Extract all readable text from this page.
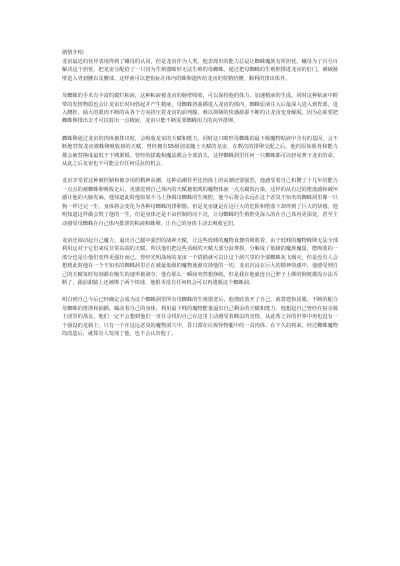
剧情介绍:

龙宙最近的伎异表现得到了蛾母的认同，但是龙宙作为人类，他表现出的能力总是让蜘蛛魔族有所担忧。蛾母为了百分百解决这个担忧，把龙宙分配给了一只因为生殖器畸形无法生殖的母蜘蛛。通过把母蜘蛛的生殖腔摄进龙宙的肛门，刺破肠壁进入胃到腰以及腰部。这样就可以把指标在体内的蛛卵遗传给龙宙的射精结腰，顺利的排出体外。

母蜘蛛的手术有丰富的腐烂粘液，这种粘液被龙宙的肠壁吸收，可以保持他的体力，加速精液的生成。同时这种粘液中附带的发情物质也会让龙宙长时间勃起并产生精液，母蜘蛛扭曲插进入龙宙的体内，蜘蛛原液注入后最深入进入到胃部，进入腰腔，硕大的肌肉不断的从各个方向挤压着龙宙的前列腺，难以抑制的快感源源不断的让龙宙变身解脱，因为必须要把蜘蛛卵排出去才可以射出一点精液，龙宙只能不断需要蜘蛛用力的向外排卵。

蜘蛛卵通过龙宙的肉体被排出时，会吸收龙宙的天赋和能力，同时这只畸形母蜘蛛的最下级魔物粘液中含有的基因，会不断地替按龙宙被蛛卵吸收掉的天赋，曾经拥有S5级别龙魄士天赋的龙宙，在数次的排卵交配之后，他的原始肌骨和能力都会被替换成最低于下贱栗根。曾经的拔毅和魔法都会全部消失，这样蜘蛛洞里任何一只蜘蛛都可以轻易赛下龙宙的命，从此之后龙宙也不可能会有任何反抗的机会。

龙宙享受着这种被控制和被享用的精神高潮，这种高潮甚至比肉体上的高潮还要强烈，他感受着自己积攒了十几年的能力一点点的被蜘蛛卵吸收走后，更感觉到自己体内的天赋被低贱的魔物体液一点点腐蚀污染，这样的从有过的堕落感和破坏感让他的大脑发麻。他知道此时他如果不马上挣脱母蜘蛛的生殖腔，他今后将会永远在这个恶臭不知名的蜘蛛洞里像一只狗一样过完一生，身体将会变化为各种母蜘蛛的排卵器。但是龙宙就是在这巨大的危险和堕落下却得到了巨大的快感，他明知道这样做会毁了他的一生，但是身体还是不由控制的向下沉，让母蜘蛛的生殖腔更深入的在自己体内更深处，甚至主动感受母蜘蛛在自己体内排泄的粘液和蛛卵，让自己的身体主动去吸收它们。

龙宙还调动起自己魔力，逼出自己腿中强烈的战神天赋，让这些低贱的魔物食婪的吸收着，由于低贱的魔物蛛卵无法全部利用这对于它们来说非常高端的天赋，所以他们把这些顶级的天赋大部分浪费掉，分解成了低级的魔族魔量，能吸收的一部分也是让他们变得更强壮而已。曾经光明战场的龙宙一个措描就可以让这个洞穴里的全部蜘蛛灰飞烟灭，但是没有人会想到此时他在一个不知名的蜘蛛洞里正在被最低级的魔物使源攻掉他的一切。龙宙沉浸在巨大的精神快感中，他感受到自己的天赋每时每刻都在缩失的速率被剥夺，他有那么一瞬间突然想挣脱，但是我在他就连自己脖子上绑的狗链都没办法弄断了，跟前甜腻上还被绑了两个铁球，他根本没有任何机会可以再逃脱这个蜘蛛洞。

明白到自己今后已经确定会成为这个蜘蛛洞里所有母蜘蛛的生殖器老后，他彻底放开了自己，就尊建和屈服，不断的配合母蜘蛛的排泄和抽插，曝动着自己的身体，利用最下贱的魔物能量逼出自己剩余的天赋和能力，他想起自己曾经在宿舍骑士团里的战友，他们一定不会想到他们一直在寻找的自己在这里主动感受着蛛虫的害情，从此帮之谷的世界中再也没有一个强设的龙骑士，只有一个在这远恶臭的魔物洞穴中，昏日滞在垃圾怪物腿中的一具肉体，在不久的将来，经过蜘蛛魔物的改造后，就算有人发现了他，也不会认出他了。
